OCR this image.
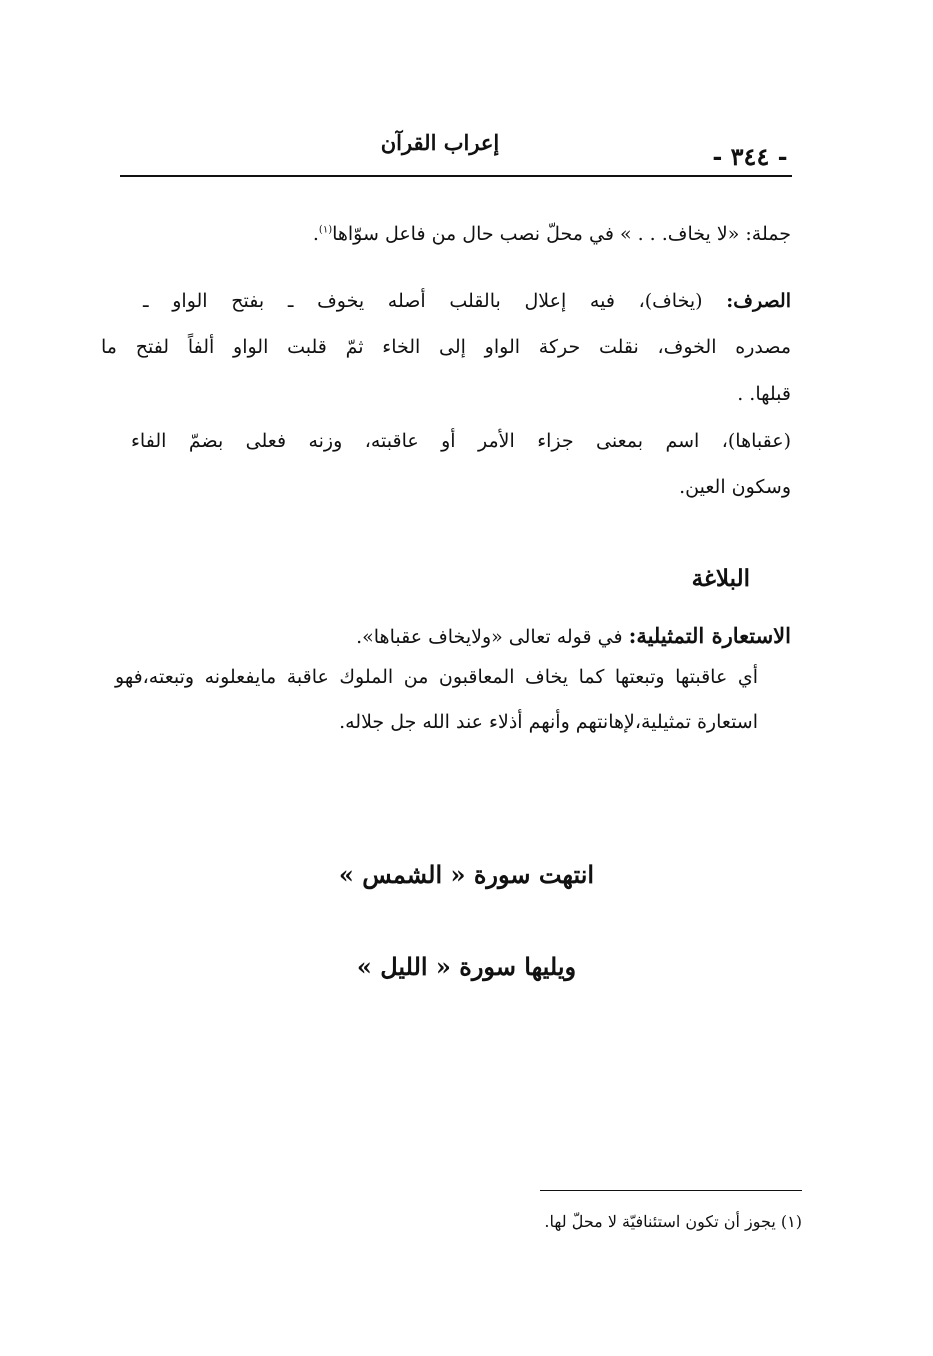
إعراب القرآن	- ٣٤٤ -
جملة: «لا يخاف. . . » في محلّ نصب حال من فاعل سوّاها$^{(١)}$.
الصرف: (يخاف)، فيه إعلال بالقلب أصله يخوف ـ بفتح الواو ـ
مصدره الخوف، نقلت حركة الواو إلى الخاء ثمّ قلبت الواو ألفاً لفتح ما
قبلها. .
(عقباها)، اسم بمعنى جزاء الأمر أو عاقبته، وزنه فعلى بضمّ الفاء
وسكون العين.
البلاغة
الاستعارة التمثيلية: في قوله تعالى «ولايخاف عقباها».
أي عاقبتها وتبعتها كما يخاف المعاقبون من الملوك عاقبة مايفعلونه وتبعته،فهو
استعارة تمثيلية،لإهانتهم وأنهم أذلاء عند الله جل جلاله.
انتهت سورة « الشمس »
ويليها سورة « الليل »
(١) يجوز أن تكون استئنافيّة لا محلّ لها.
